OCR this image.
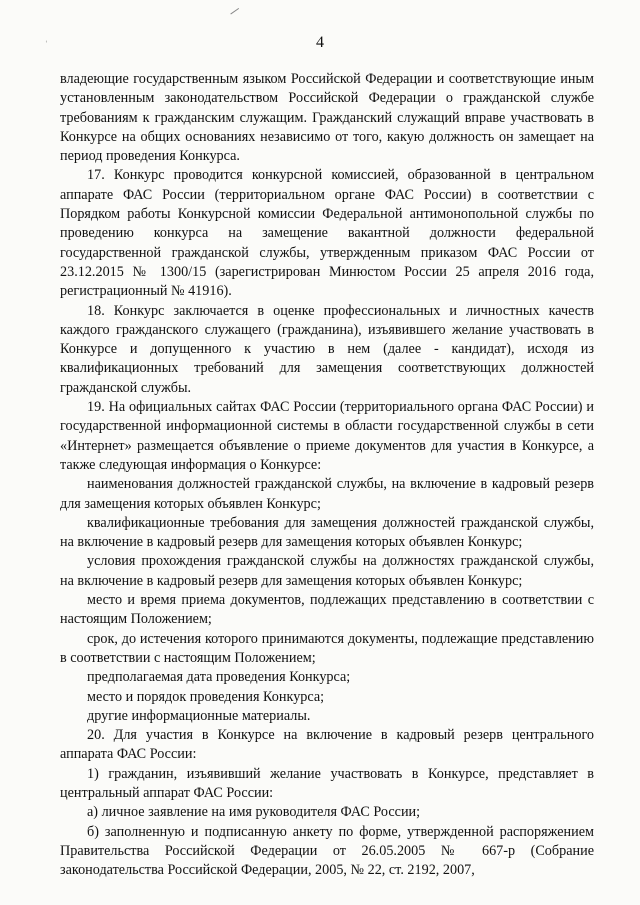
ʿ	4

владеющие государственным языком Российской Федерации и соответствующие иным установленным законодательством Российской Федерации о гражданской службе требованиям к гражданским служащим. Гражданский служащий вправе участвовать в Конкурсе на общих основаниях независимо от того, какую должность он замещает на период проведения Конкурса.

17. Конкурс проводится конкурсной комиссией, образованной в центральном аппарате ФАС России (территориальном органе ФАС России) в соответствии с Порядком работы Конкурсной комиссии Федеральной антимонопольной службы по проведению конкурса на замещение вакантной должности федеральной государственной гражданской службы, утвержденным приказом ФАС России от 23.12.2015 № 1300/15 (зарегистрирован Минюстом России 25 апреля 2016 года, регистрационный № 41916).

18. Конкурс заключается в оценке профессиональных и личностных качеств каждого гражданского служащего (гражданина), изъявившего желание участвовать в Конкурсе и допущенного к участию в нем (далее - кандидат), исходя из квалификационных требований для замещения соответствующих должностей гражданской службы.

19. На официальных сайтах ФАС России (территориального органа ФАС России) и государственной информационной системы в области государственной службы в сети «Интернет» размещается объявление о приеме документов для участия в Конкурсе, а также следующая информация о Конкурсе:

наименования должностей гражданской службы, на включение в кадровый резерв для замещения которых объявлен Конкурс;

квалификационные требования для замещения должностей гражданской службы, на включение в кадровый резерв для замещения которых объявлен Конкурс;

условия прохождения гражданской службы на должностях гражданской службы, на включение в кадровый резерв для замещения которых объявлен Конкурс;

место и время приема документов, подлежащих представлению в соответствии с настоящим Положением;

срок, до истечения которого принимаются документы, подлежащие представлению в соответствии с настоящим Положением;

предполагаемая дата проведения Конкурса;

место и порядок проведения Конкурса;

другие информационные материалы.

20. Для участия в Конкурсе на включение в кадровый резерв центрального аппарата ФАС России:

1) гражданин, изъявивший желание участвовать в Конкурсе, представляет в центральный аппарат ФАС России:

а) личное заявление на имя руководителя ФАС России;

б) заполненную и подписанную анкету по форме, утвержденной распоряжением Правительства Российской Федерации от 26.05.2005 № 667-р (Собрание законодательства Российской Федерации, 2005, № 22, ст. 2192, 2007,
